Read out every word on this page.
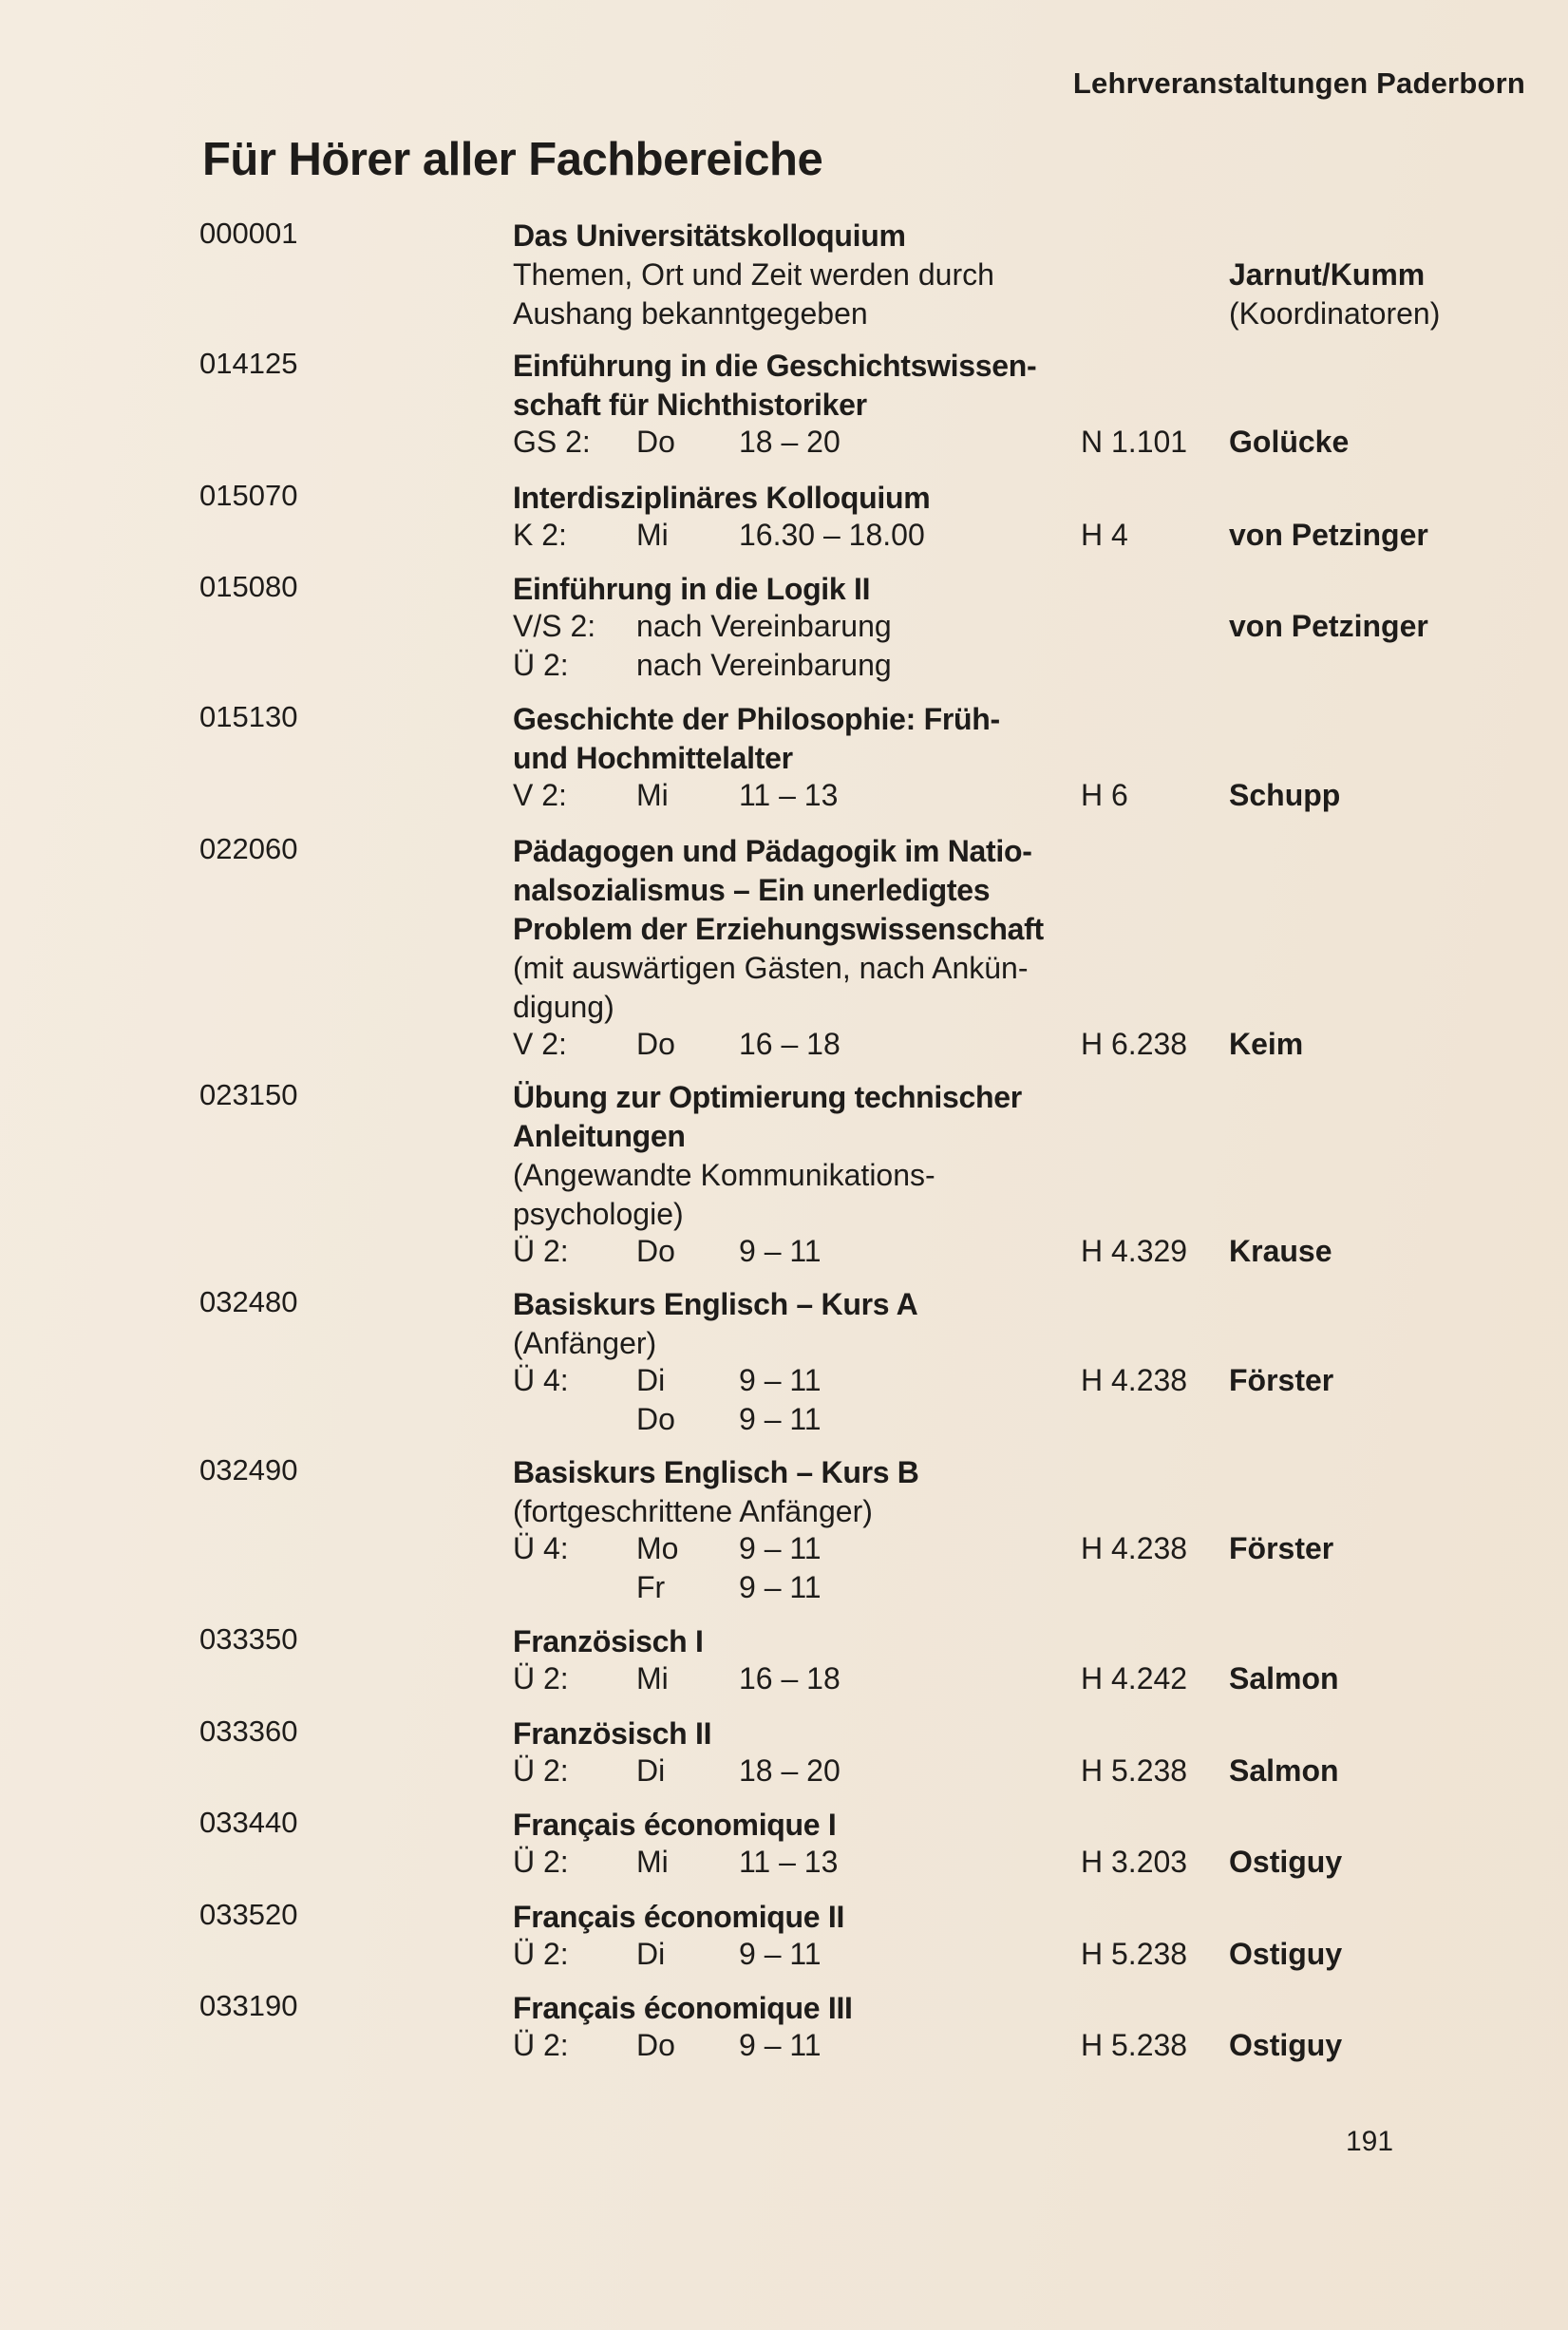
Lehrveranstaltungen Paderborn
Für Hörer aller Fachbereiche
000001	Das Universitätskolloquium
Themen, Ort und Zeit werden durch Aushang bekanntgegeben
Jarnut/Kumm
(Koordinatoren)
014125	Einführung in die Geschichtswissen-schaft für Nichthistoriker
GS 2: Do 18 – 20	N 1.101 Golücke
015070	Interdisziplinäres Kolloquium
K 2: Mi 16.30 – 18.00	H 4	von Petzinger
015080	Einführung in die Logik II
V/S 2: nach Vereinbarung
Ü 2: nach Vereinbarung
von Petzinger
015130	Geschichte der Philosophie: Früh- und Hochmittelalter
V 2: Mi 11 – 13	H 6	Schupp
022060	Pädagogen und Pädagogik im Natio-nalsozialismus – Ein unerledigtes Problem der Erziehungswissenschaft
(mit auswärtigen Gästen, nach Ankün-digung)
V 2: Do 16 – 18	H 6.238 Keim
023150	Übung zur Optimierung technischer Anleitungen
(Angewandte Kommunikations-psychologie)
Ü 2: Do 9 – 11	H 4.329 Krause
032480	Basiskurs Englisch – Kurs A
(Anfänger)
Ü 4: Di 9 – 11
Do 9 – 11
H 4.238 Förster
032490	Basiskurs Englisch – Kurs B
(fortgeschrittene Anfänger)
Ü 4: Mo 9 – 11
Fr 9 – 11
H 4.238 Förster
033350	Französisch I
Ü 2: Mi 16 – 18	H 4.242 Salmon
033360	Französisch II
Ü 2: Di 18 – 20	H 5.238 Salmon
033440	Français économique I
Ü 2: Mi 11 – 13	H 3.203 Ostiguy
033520	Français économique II
Ü 2: Di 9 – 11	H 5.238 Ostiguy
033190	Français économique III
Ü 2: Do 9 – 11	H 5.238 Ostiguy
191
